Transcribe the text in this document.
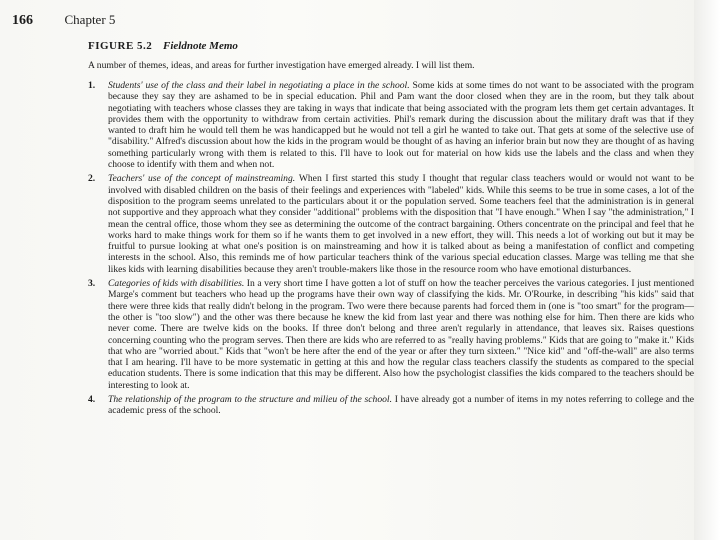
166 Chapter 5
FIGURE 5.2 Fieldnote Memo
A number of themes, ideas, and areas for further investigation have emerged already. I will list them.
1. Students' use of the class and their label in negotiating a place in the school. Some kids at some times do not want to be associated with the program because they say they are ashamed to be in special education. Phil and Pam want the door closed when they are in the room, but they talk about negotiating with teachers whose classes they are taking in ways that indicate that being associated with the program lets them get certain advantages. It provides them with the opportunity to withdraw from certain activities. Phil's remark during the discussion about the military draft was that if they wanted to draft him he would tell them he was handicapped but he would not tell a girl he wanted to take out. That gets at some of the selective use of "disability." Alfred's discussion about how the kids in the program would be thought of as having an inferior brain but now they are thought of as having something particularly wrong with them is related to this. I'll have to look out for material on how kids use the labels and the class and when they choose to identify with them and when not.
2. Teachers' use of the concept of mainstreaming. When I first started this study I thought that regular class teachers would or would not want to be involved with disabled children on the basis of their feelings and experiences with "labeled" kids. While this seems to be true in some cases, a lot of the disposition to the program seems unrelated to the particulars about it or the population served. Some teachers feel that the administration is in general not supportive and they approach what they consider "additional" problems with the disposition that "I have enough." When I say "the administration," I mean the central office, those whom they see as determining the outcome of the contract bargaining. Others concentrate on the principal and feel that he works hard to make things work for them so if he wants them to get involved in a new effort, they will. This needs a lot of working out but it may be fruitful to pursue looking at what one's position is on mainstreaming and how it is talked about as being a manifestation of conflict and competing interests in the school. Also, this reminds me of how particular teachers think of the various special education classes. Marge was telling me that she likes kids with learning disabilities because they aren't trouble-makers like those in the resource room who have emotional disturbances.
3. Categories of kids with disabilities. In a very short time I have gotten a lot of stuff on how the teacher perceives the various categories. I just mentioned Marge's comment but teachers who head up the programs have their own way of classifying the kids. Mr. O'Rourke, in describing "his kids" said that there were three kids that really didn't belong in the program. Two were there because parents had forced them in (one is "too smart" for the program—the other is "too slow") and the other was there because he knew the kid from last year and there was nothing else for him. Then there are kids who never come. There are twelve kids on the books. If three don't belong and three aren't regularly in attendance, that leaves six. Raises questions concerning counting who the program serves. Then there are kids who are referred to as "really having problems." Kids that are going to "make it." Kids that who are "worried about." Kids that "won't be here after the end of the year or after they turn sixteen." "Nice kid" and "off-the-wall" are also terms that I am hearing. I'll have to be more systematic in getting at this and how the regular class teachers classify the students as compared to the special education students. There is some indication that this may be different. Also how the psychologist classifies the kids compared to the teachers should be interesting to look at.
4. The relationship of the program to the structure and milieu of the school. I have already got a number of items in my notes referring to college and the academic press of the school.
